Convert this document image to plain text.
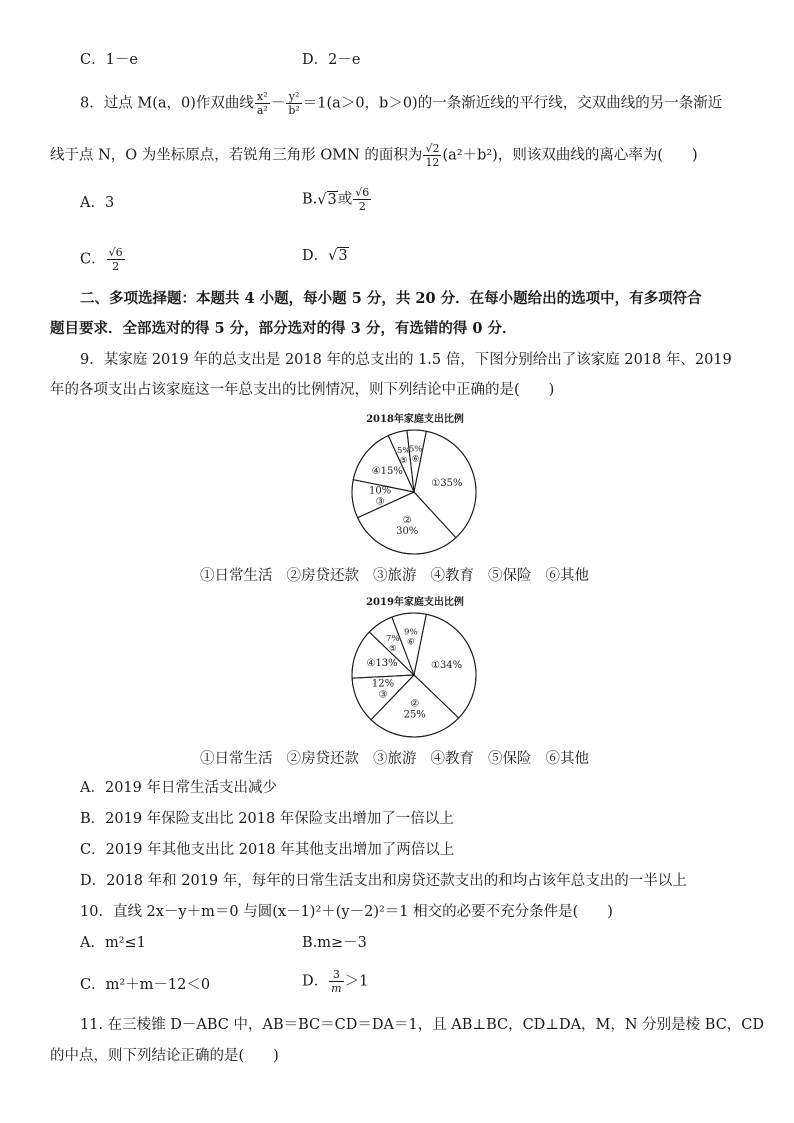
C．1－e	D．2－e
8．过点 M(a，0)作双曲线 $\frac{\text{x²}}{\text{a²}} - \frac{\text{y²}}{\text{b²}} =1(a>0$，b＞0)的一条渐近线的平行线，交双曲线的另一条渐近
线于点 N，O 为坐标原点，若锐角三角形 OMN 的面积为 $\frac{√2}{12} (a^2+b^2)$，则该双曲线的离心率为(　　)
A．3	B.√3或 $\frac{√6}{2}$
C． $\frac{√6}{2}$	D．√3
二、多项选择题：本题共 4 小题，每小题 5 分，共 20 分．在每小题给出的选项中，有多项符合
题目要求．全部选对的得 5 分，部分选对的得 3 分，有选错的得 0 分．
9．某家庭 2019 年的总支出是 2018 年的总支出的 1.5 倍，下图分别给出了该家庭 2018 年、2019
年的各项支出占该家庭这一年总支出的比例情况，则下列结论中正确的是(　　)
2018年家庭支出比例
①35%
② 30%
10% ③
④15%
5% ⑤
5% ⑥
①日常生活 ②房贷还款 ③旅游 ④教育 ⑤保险 ⑥其他
2019年家庭支出比例
①34%
② 25%
12% ③
④13%
7% ⑤
9% ⑥
①日常生活 ②房贷还款 ③旅游 ④教育 ⑤保险 ⑥其他
A．2019 年日常生活支出减少
B．2019 年保险支出比 2018 年保险支出增加了一倍以上
C．2019 年其他支出比 2018 年其他支出增加了两倍以上
D．2018 年和 2019 年，每年的日常生活支出和房贷还款支出的和均占该年总支出的一半以上
10．直线 2x－y＋m＝0 与圆(x－1)²＋(y－2)²＝1 相交的必要不充分条件是(　　)
A．m²≤1	B.m≥－3
C．m²＋m－12＜0	D． $\frac{3}{m} >1$
11. 在三棱锥 D－ABC 中，AB＝BC＝CD＝DA＝1，且 AB⊥BC，CD⊥DA，M，N 分别是棱 BC，CD
的中点，则下列结论正确的是(　　)
